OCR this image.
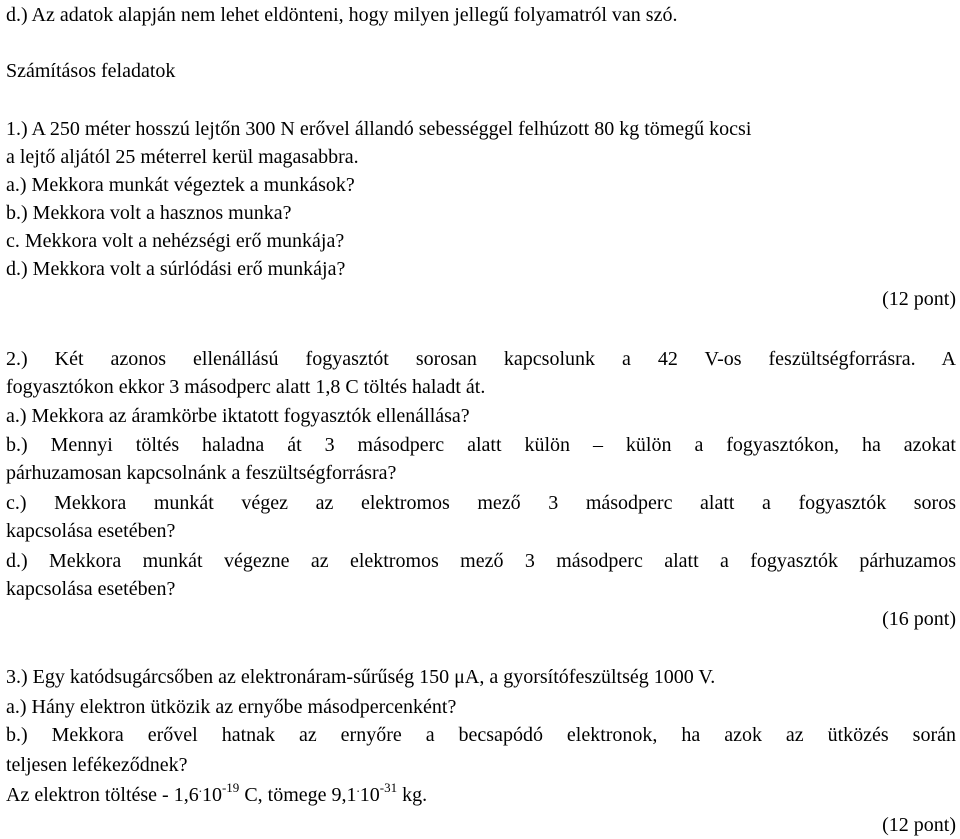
d.) Az adatok alapján nem lehet eldönteni, hogy milyen jellegű folyamatról van szó.
Számításos feladatok
1.) A 250 méter hosszú lejtőn 300 N erővel állandó sebességgel felhúzott 80 kg tömegű kocsi
a lejtő aljától 25 méterrel kerül magasabbra.
a.) Mekkora munkát végeztek a munkások?
b.) Mekkora volt a hasznos munka?
c. Mekkora volt a nehézségi erő munkája?
d.) Mekkora volt a súrlódási erő munkája?
(12 pont)
2.) Két azonos ellenállású fogyasztót sorosan kapcsolunk a 42 V-os feszültségforrásra. A
fogyasztókon ekkor 3 másodperc alatt 1,8 C töltés haladt át.
a.) Mekkora az áramkörbe iktatott fogyasztók ellenállása?
b.) Mennyi töltés haladna át 3 másodperc alatt külön – külön a fogyasztókon, ha azokat
párhuzamosan kapcsolnánk a feszültségforrásra?
c.) Mekkora munkát végez az elektromos mező 3 másodperc alatt a fogyasztók soros
kapcsolása esetében?
d.) Mekkora munkát végezne az elektromos mező 3 másodperc alatt a fogyasztók párhuzamos
kapcsolása esetében?
(16 pont)
3.) Egy katódsugárcsőben az elektronáram-sűrűség 150 μA, a gyorsítófeszültség 1000 V.
a.) Hány elektron ütközik az ernyőbe másodpercenként?
b.) Mekkora erővel hatnak az ernyőre a becsapódó elektronok, ha azok az ütközés során
teljesen lefékeződnek?
Az elektron töltése - $1,6^.10^{-19}$ C, tömege $9,1^.10^{-31}$ kg.
(12 pont)
